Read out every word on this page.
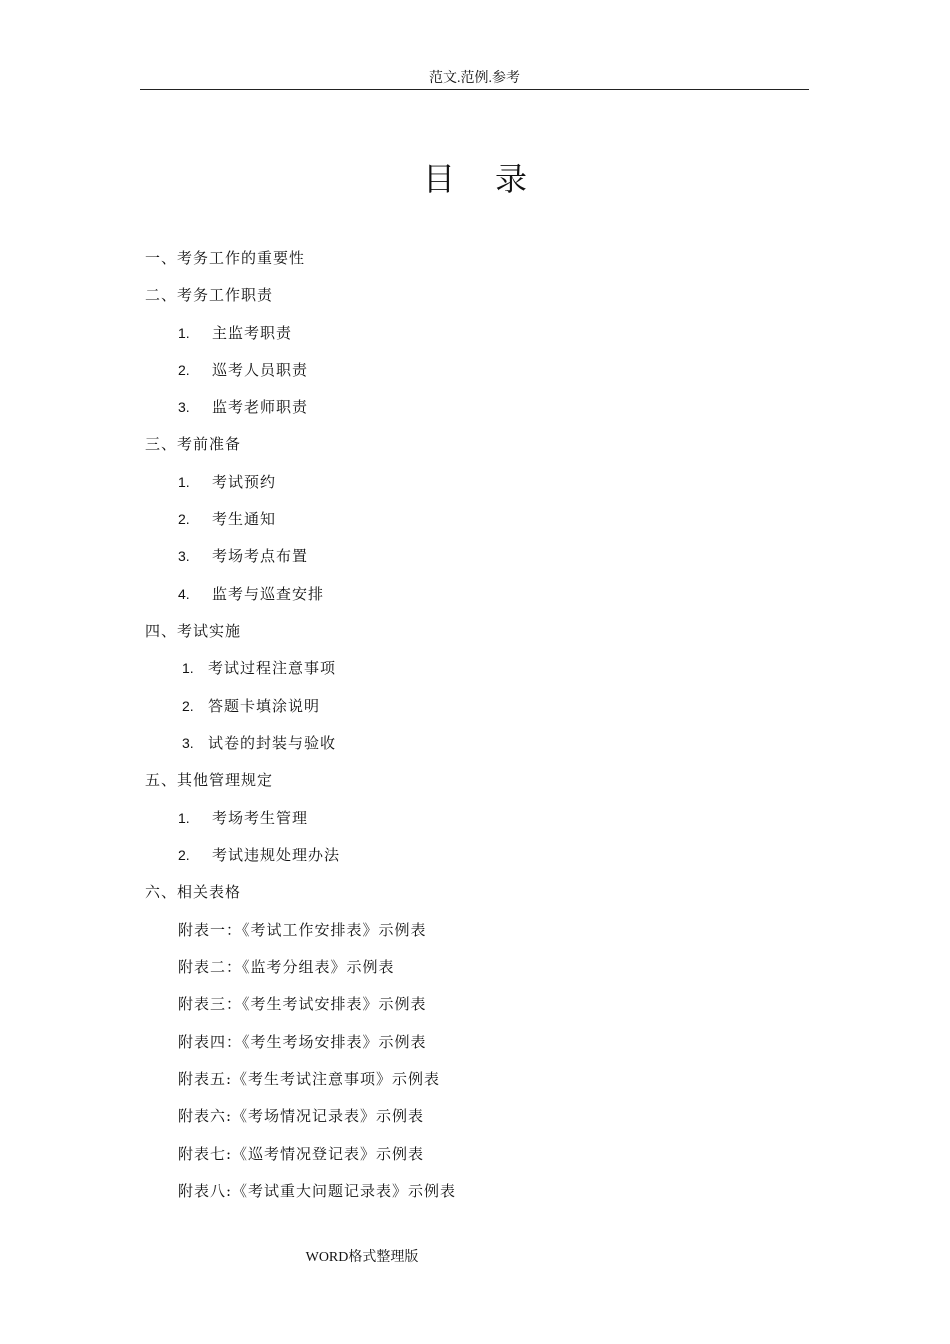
范文.范例.参考
目录
一、考务工作的重要性
二、考务工作职责
1. 主监考职责
2. 巡考人员职责
3. 监考老师职责
三、考前准备
1. 考试预约
2. 考生通知
3. 考场考点布置
4. 监考与巡查安排
四、考试实施
1. 考试过程注意事项
2. 答题卡填涂说明
3. 试卷的封装与验收
五、其他管理规定
1. 考场考生管理
2. 考试违规处理办法
六、相关表格
附表一：《考试工作安排表》示例表
附表二：《监考分组表》示例表
附表三：《考生考试安排表》示例表
附表四：《考生考场安排表》示例表
附表五:《考生考试注意事项》示例表
附表六:《考场情况记录表》示例表
附表七:《巡考情况登记表》示例表
附表八:《考试重大问题记录表》示例表
WORD格式整理版
